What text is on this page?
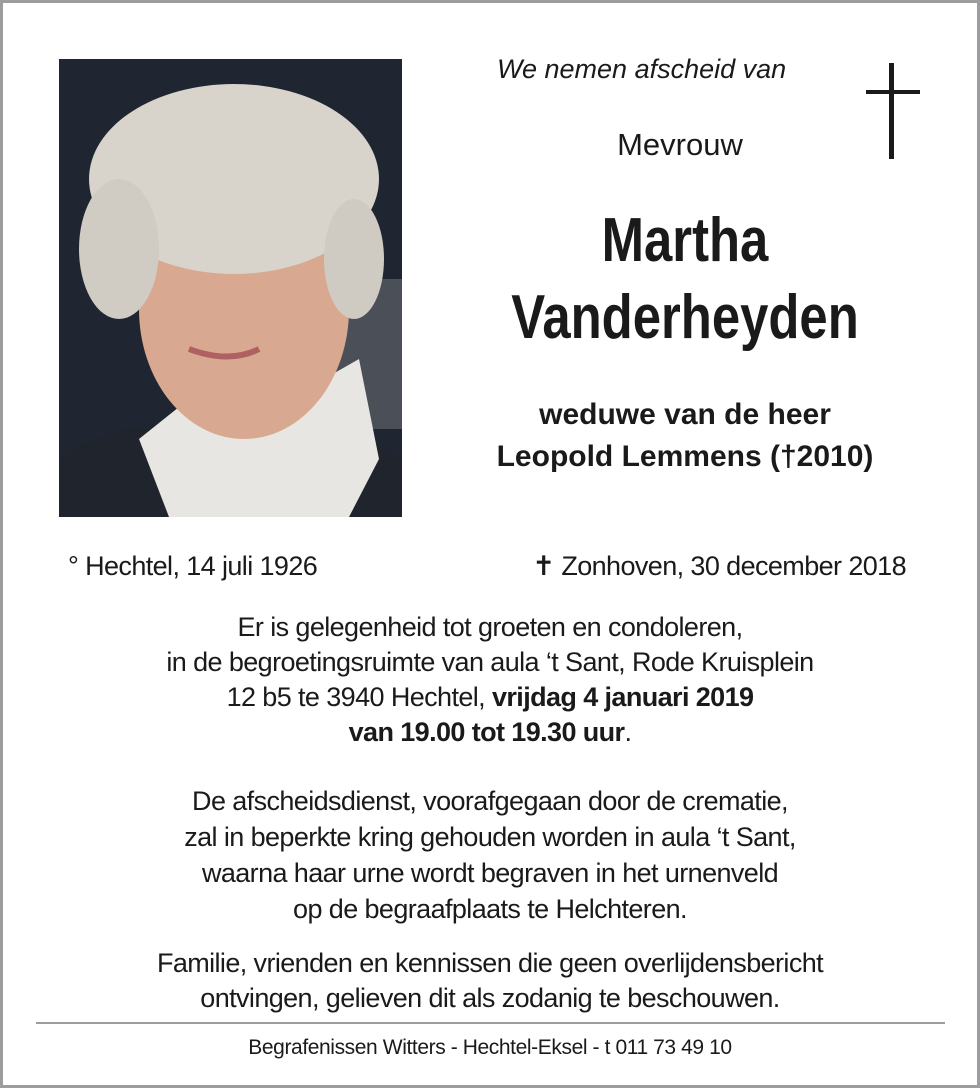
We nemen afscheid van
Mevrouw
Martha
Vanderheyden
weduwe van de heer
Leopold Lemmens (†2010)
° Hechtel, 14 juli 1926	✝ Zonhoven, 30 december 2018
Er is gelegenheid tot groeten en condoleren,
in de begroetingsruimte van aula ‘t Sant, Rode Kruisplein
12 b5 te 3940 Hechtel, vrijdag 4 januari 2019
van 19.00 tot 19.30 uur.
De afscheidsdienst, voorafgegaan door de crematie,
zal in beperkte kring gehouden worden in aula ‘t Sant,
waarna haar urne wordt begraven in het urnenveld
op de begraafplaats te Helchteren.
Familie, vrienden en kennissen die geen overlijdensbericht
ontvingen, gelieven dit als zodanig te beschouwen.
Begrafenissen Witters - Hechtel-Eksel - t 011 73 49 10
